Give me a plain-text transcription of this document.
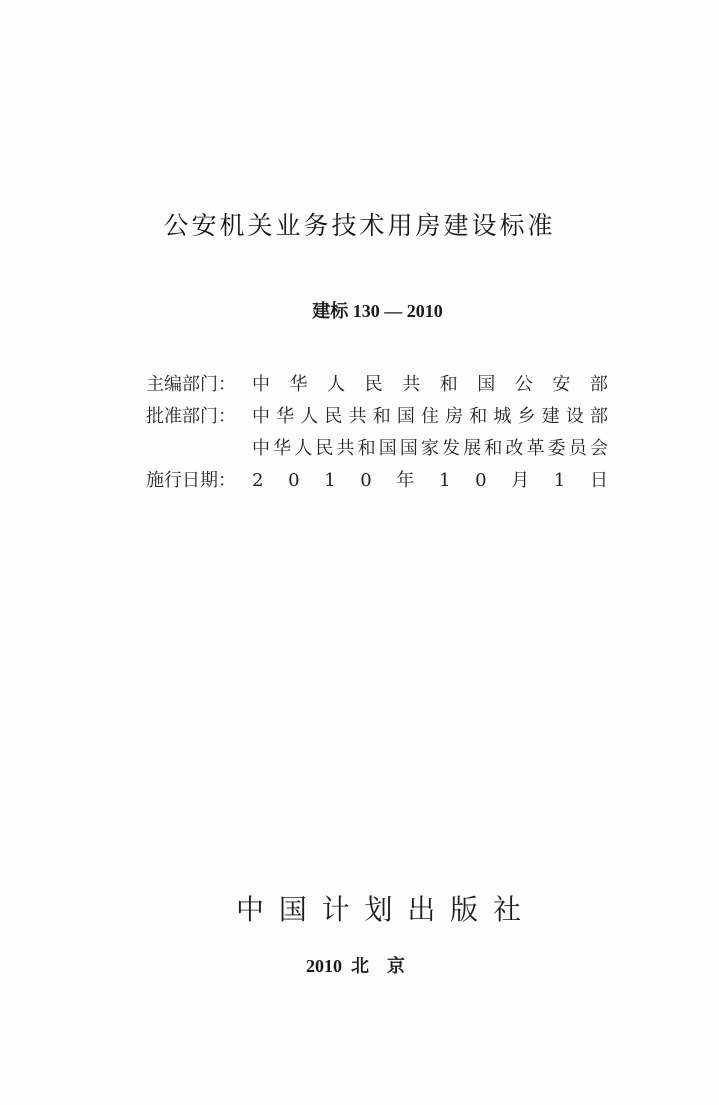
公安机关业务技术用房建设标准
建标 130 — 2010
主编部门： 中 华 人 民 共 和 国 公 安 部
批准部门： 中 华 人 民 共 和 国 住 房 和 城 乡 建 设 部
中 华 人 民 共 和 国 国 家 发 展 和 改 革 委 员 会
施行日期： 2 0 1 0 年 1 0 月 1 日
中 国 计 划 出 版 社
2010  北    京
